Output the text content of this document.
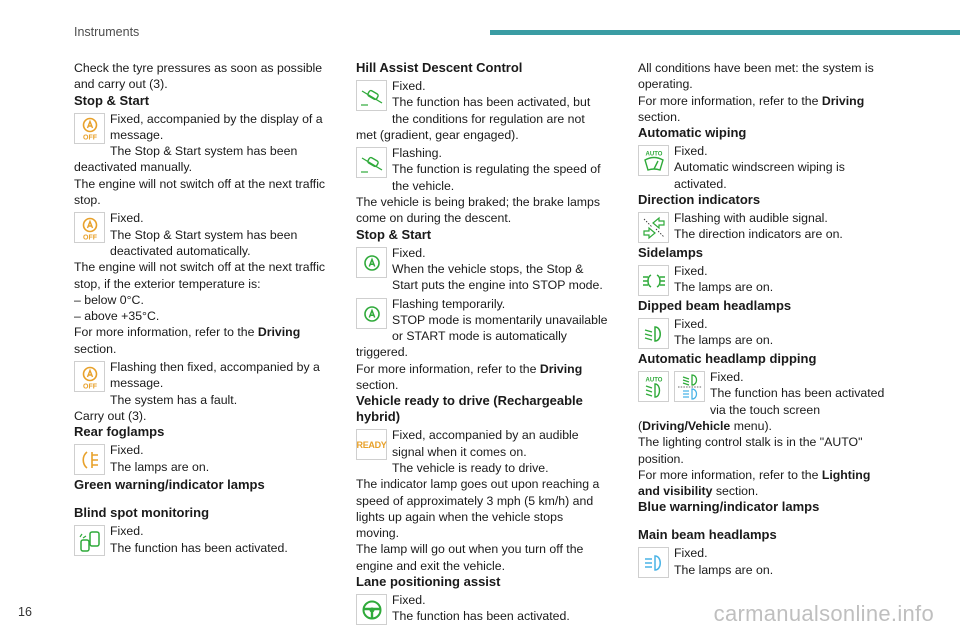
Instruments

Check the tyre pressures as soon as possible and carry out (3).

Stop & Start

OFF

Fixed, accompanied by the display of a message.

The Stop & Start system has been deactivated manually.

The engine will not switch off at the next traffic stop.

OFF

Fixed.

The Stop & Start system has been deactivated automatically.

The engine will not switch off at the next traffic stop, if the exterior temperature is:

– below 0°C.

– above +35°C.

For more information, refer to the Driving
section.

OFF

Flashing then fixed, accompanied by a message.

The system has a fault.

Carry out (3).

Rear foglamps

Fixed.

The lamps are on.

Green warning/indicator lamps

Blind spot monitoring

Fixed.

The function has been activated.

Hill Assist Descent Control

Fixed.

The function has been activated, but the conditions for regulation are not met (gradient, gear engaged).

Flashing.

The function is regulating the speed of the vehicle.

The vehicle is being braked; the brake lamps come on during the descent.

Stop & Start

Fixed.

When the vehicle stops, the Stop & Start puts the engine into STOP mode.

Flashing temporarily.

STOP mode is momentarily unavailable or START mode is automatically triggered.

For more information, refer to the Driving
section.

Vehicle ready to drive (Rechargeable hybrid)

READY

Fixed, accompanied by an audible signal when it comes on.

The vehicle is ready to drive.

The indicator lamp goes out upon reaching a speed of approximately 3 mph (5 km/h) and lights up again when the vehicle stops moving.

The lamp will go out when you turn off the engine and exit the vehicle.

Lane positioning assist

Fixed.

The function has been activated.

All conditions have been met: the system is operating.

For more information, refer to the Driving
section.

Automatic wiping

AUTO Fixed.

Automatic windscreen wiping is activated.

Direction indicators

Flashing with audible signal.

The direction indicators are on.

Sidelamps

Fixed.

The lamps are on.

Dipped beam headlamps

Fixed.

The lamps are on.

Automatic headlamp dipping

AUTO	Fixed.

The function has been activated via the touch screen (Driving/Vehicle menu).

The lighting control stalk is in the "AUTO" position.

For more information, refer to the Lighting and visibility section.

Blue warning/indicator lamps

Main beam headlamps

Fixed.

The lamps are on.

16	carmanualsonline.info
